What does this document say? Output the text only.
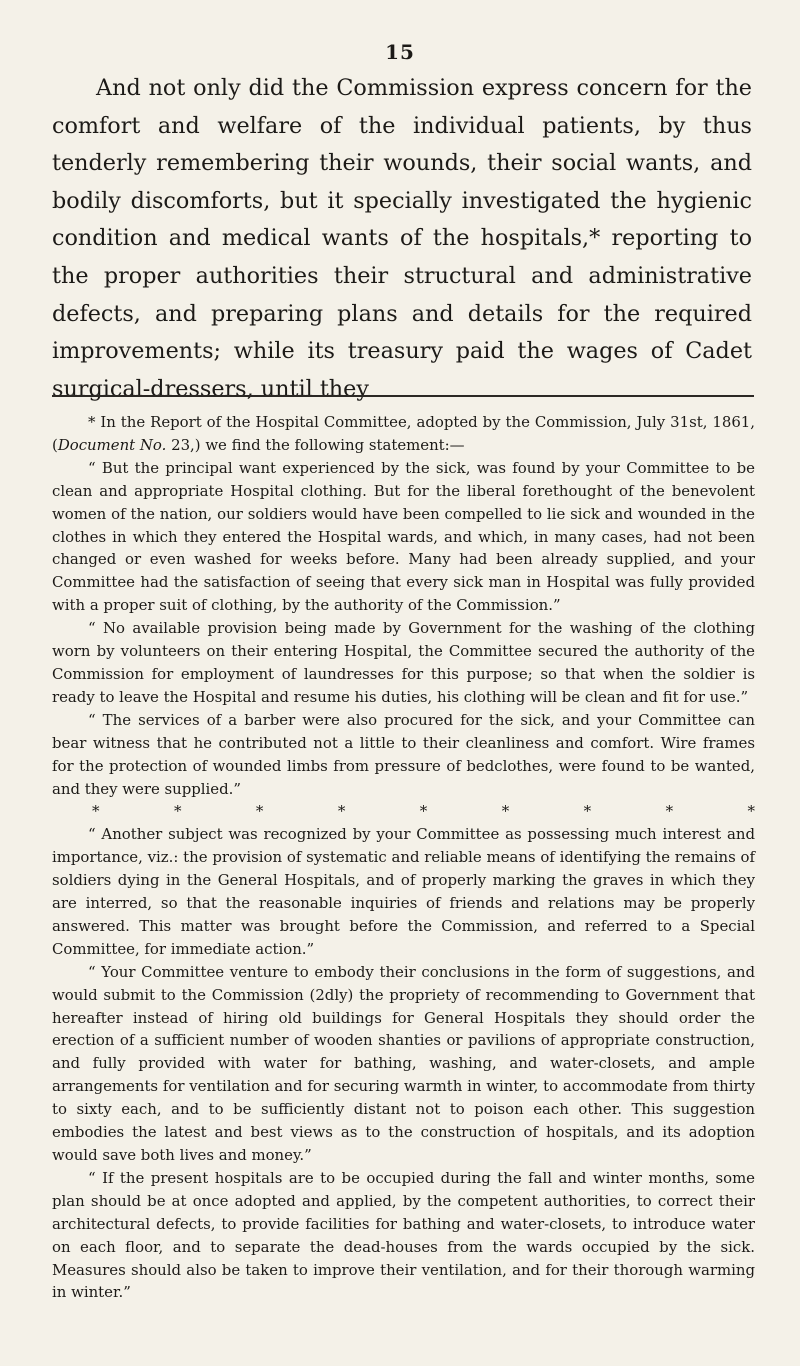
15

And not only did the Commission express concern for the comfort and welfare of the individual patients, by thus tenderly remembering their wounds, their social wants, and bodily discomforts, but it specially investigated the hygienic condition and medical wants of the hospitals,* reporting to the proper authorities their structural and administrative defects, and preparing plans and details for the required improvements; while its treasury paid the wages of Cadet surgical-dressers, until they

* In the Report of the Hospital Committee, adopted by the Commission, July 31st, 1861, (Document No. 23,) we find the following statement:—

“ But the principal want experienced by the sick, was found by your Committee to be clean and appropriate Hospital clothing. But for the liberal forethought of the benevolent women of the nation, our soldiers would have been compelled to lie sick and wounded in the clothes in which they entered the Hospital wards, and which, in many cases, had not been changed or even washed for weeks before. Many had been already supplied, and your Committee had the satisfaction of seeing that every sick man in Hospital was fully provided with a proper suit of clothing, by the authority of the Commission.”

“ No available provision being made by Government for the washing of the clothing worn by volunteers on their entering Hospital, the Committee secured the authority of the Commission for employment of laundresses for this purpose; so that when the soldier is ready to leave the Hospital and resume his duties, his clothing will be clean and fit for use.”

“ The services of a barber were also procured for the sick, and your Committee can bear witness that he contributed not a little to their cleanliness and comfort. Wire frames for the protection of wounded limbs from pressure of bedclothes, were found to be wanted, and they were supplied.”

*	*	*	*	*	*	*	*	*

“ Another subject was recognized by your Committee as possessing much interest and importance, viz.: the provision of systematic and reliable means of identifying the remains of soldiers dying in the General Hospitals, and of properly marking the graves in which they are interred, so that the reasonable inquiries of friends and relations may be properly answered. This matter was brought before the Commission, and referred to a Special Committee, for immediate action.”

“ Your Committee venture to embody their conclusions in the form of suggestions, and would submit to the Commission (2dly) the propriety of recommending to Government that hereafter instead of hiring old buildings for General Hospitals they should order the erection of a sufficient number of wooden shanties or pavilions of appropriate construction, and fully provided with water for bathing, washing, and water-closets, and ample arrangements for ventilation and for securing warmth in winter, to accommodate from thirty to sixty each, and to be sufficiently distant not to poison each other. This suggestion embodies the latest and best views as to the construction of hospitals, and its adoption would save both lives and money.”

“ If the present hospitals are to be occupied during the fall and winter months, some plan should be at once adopted and applied, by the competent authorities, to correct their architectural defects, to provide facilities for bathing and water-closets, to introduce water on each floor, and to separate the dead-houses from the wards occupied by the sick. Measures should also be taken to improve their ventilation, and for their thorough warming in winter.”
